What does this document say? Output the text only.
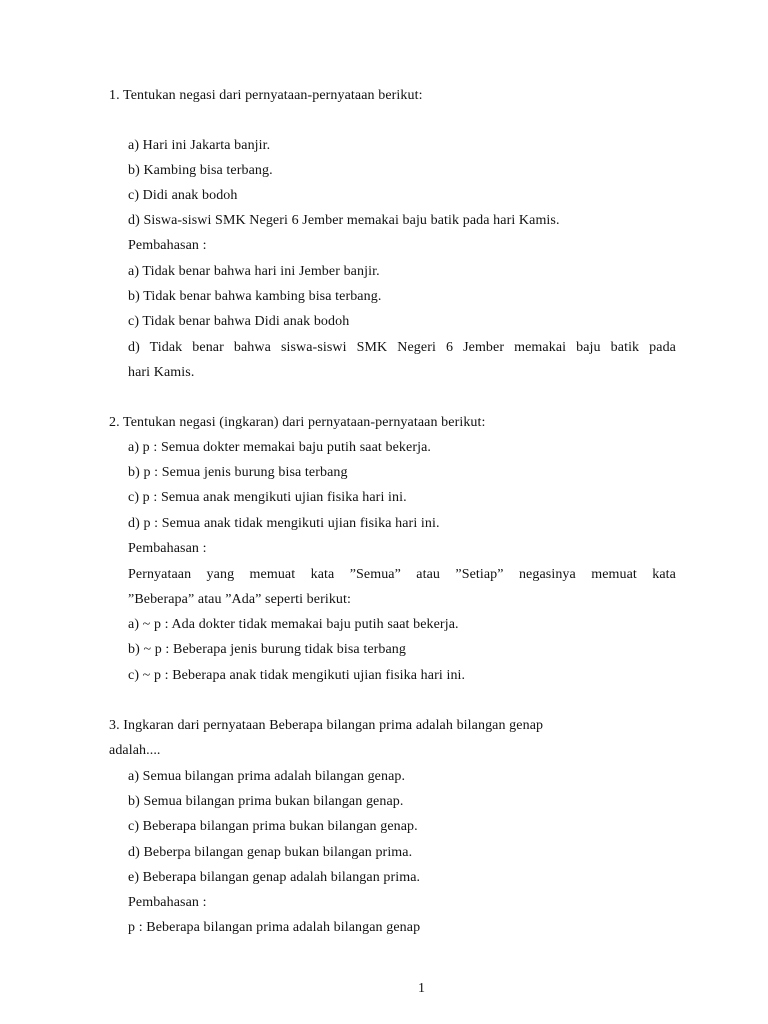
1. Tentukan negasi dari pernyataan-pernyataan berikut:
a) Hari ini Jakarta banjir.
b) Kambing bisa terbang.
c) Didi anak bodoh
d) Siswa-siswi SMK Negeri 6 Jember memakai baju batik pada hari Kamis.
Pembahasan :
a) Tidak benar bahwa hari ini Jember banjir.
b) Tidak benar bahwa kambing bisa terbang.
c) Tidak benar bahwa Didi anak bodoh
d) Tidak benar bahwa siswa-siswi SMK Negeri 6 Jember memakai baju batik pada
hari Kamis.
2. Tentukan negasi (ingkaran) dari pernyataan-pernyataan berikut:
a) p : Semua dokter memakai baju putih saat bekerja.
b) p : Semua jenis burung bisa terbang
c) p : Semua anak mengikuti ujian fisika hari ini.
d) p : Semua anak tidak mengikuti ujian fisika hari ini.
Pembahasan :
Pernyataan yang memuat kata ”Semua” atau ”Setiap” negasinya memuat kata
”Beberapa” atau ”Ada” seperti berikut:
a) ~ p : Ada dokter tidak memakai baju putih saat bekerja.
b) ~ p : Beberapa jenis burung tidak bisa terbang
c) ~ p : Beberapa anak tidak mengikuti ujian fisika hari ini.
3. Ingkaran dari pernyataan Beberapa bilangan prima adalah bilangan genap
adalah....
a) Semua bilangan prima adalah bilangan genap.
b) Semua bilangan prima bukan bilangan genap.
c) Beberapa bilangan prima bukan bilangan genap.
d) Beberpa bilangan genap bukan bilangan prima.
e) Beberapa bilangan genap adalah bilangan prima.
Pembahasan :
p : Beberapa bilangan prima adalah bilangan genap
1
